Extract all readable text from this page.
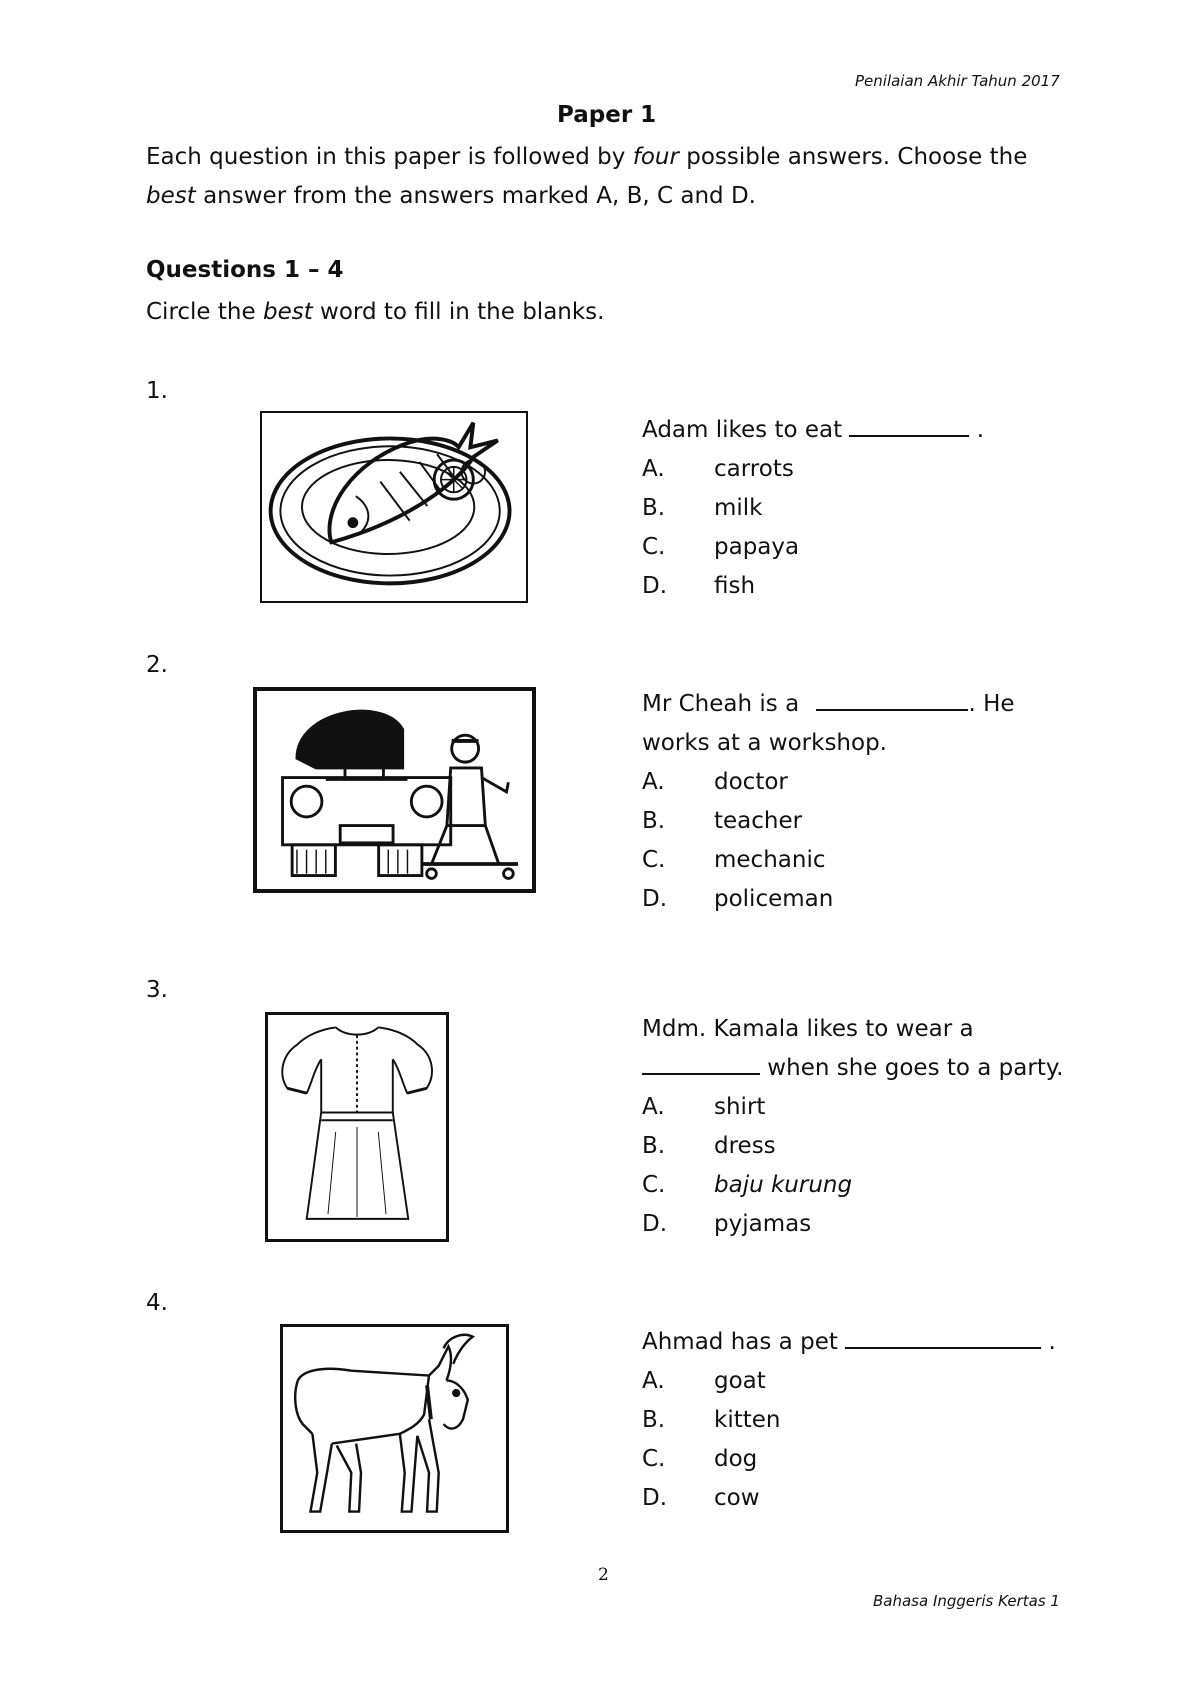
Penilaian Akhir Tahun 2017
Paper 1
Each question in this paper is followed by four possible answers. Choose the
best answer from the answers marked A, B, C and D.
Questions 1 – 4
Circle the best word to fill in the blanks.
1.
Adam likes to eat	.
A. carrots
B. milk
C. papaya
D. fish
2.
Mr Cheah is a	. He
works at a workshop.
A. doctor
B. teacher
C. mechanic
D. policeman
3.
Mdm. Kamala likes to wear a
when she goes to a party.
A. shirt
B. dress
C. baju kurung
D. pyjamas
4.
Ahmad has a pet	.
A. goat
B. kitten
C. dog
D. cow
2
Bahasa Inggeris Kertas 1
